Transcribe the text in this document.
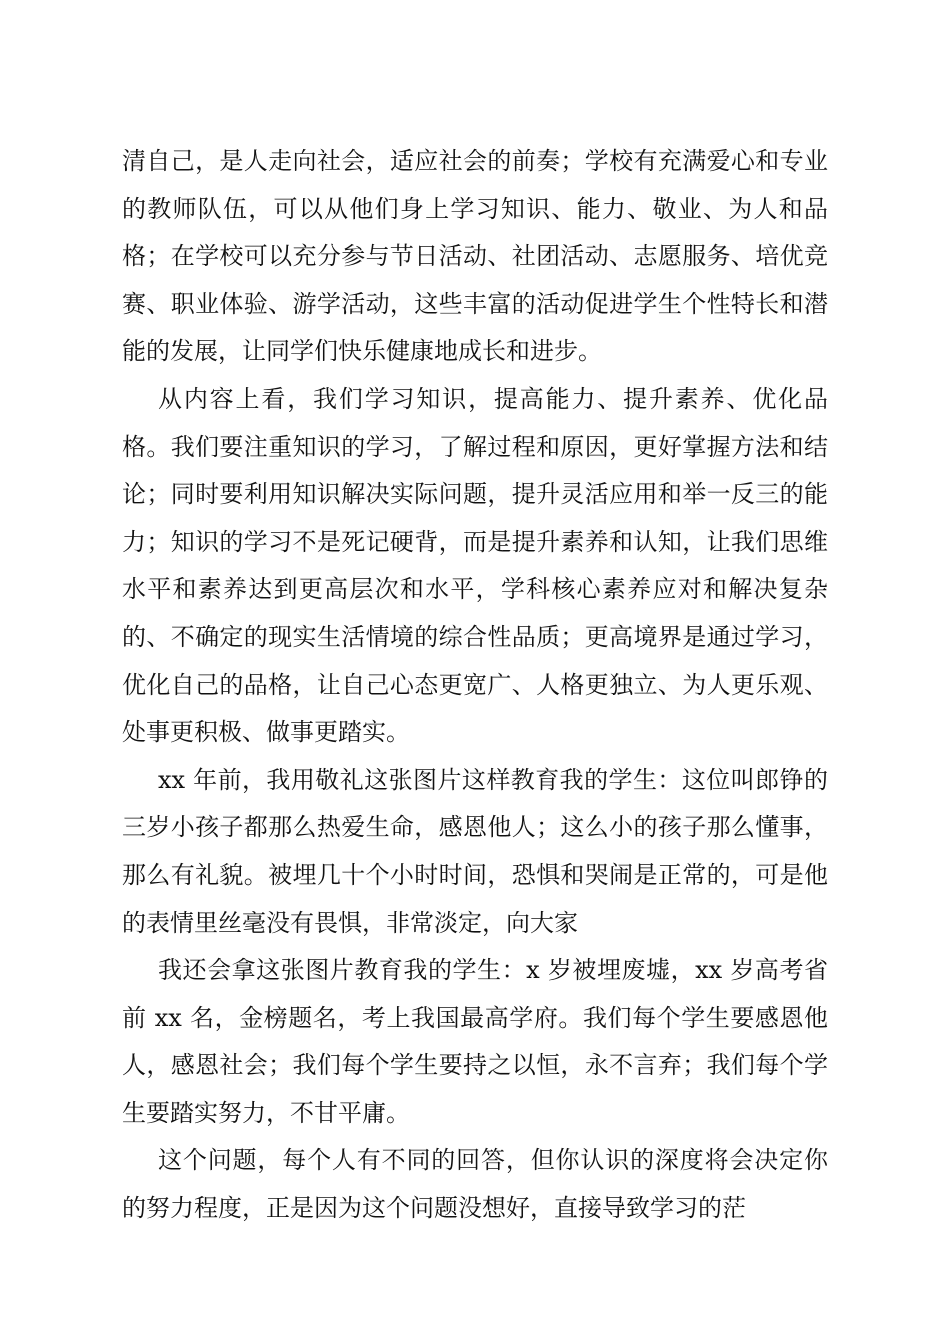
清自己，是人走向社会，适应社会的前奏；学校有充满爱心和专业的教师队伍，可以从他们身上学习知识、能力、敬业、为人和品格；在学校可以充分参与节日活动、社团活动、志愿服务、培优竞赛、职业体验、游学活动，这些丰富的活动促进学生个性特长和潜能的发展，让同学们快乐健康地成长和进步。

从内容上看，我们学习知识，提高能力、提升素养、优化品格。我们要注重知识的学习，了解过程和原因，更好掌握方法和结论；同时要利用知识解决实际问题，提升灵活应用和举一反三的能力；知识的学习不是死记硬背，而是提升素养和认知，让我们思维水平和素养达到更高层次和水平，学科核心素养应对和解决复杂的、不确定的现实生活情境的综合性品质；更高境界是通过学习，优化自己的品格，让自己心态更宽广、人格更独立、为人更乐观、处事更积极、做事更踏实。

xx 年前，我用敬礼这张图片这样教育我的学生：这位叫郎铮的三岁小孩子都那么热爱生命，感恩他人；这么小的孩子那么懂事，那么有礼貌。被埋几十个小时时间，恐惧和哭闹是正常的，可是他的表情里丝毫没有畏惧，非常淡定，向大家

我还会拿这张图片教育我的学生：x 岁被埋废墟，xx 岁高考省前 xx 名，金榜题名，考上我国最高学府。我们每个学生要感恩他人，感恩社会；我们每个学生要持之以恒，永不言弃；我们每个学生要踏实努力，不甘平庸。

这个问题，每个人有不同的回答，但你认识的深度将会决定你的努力程度，正是因为这个问题没想好，直接导致学习的茫
